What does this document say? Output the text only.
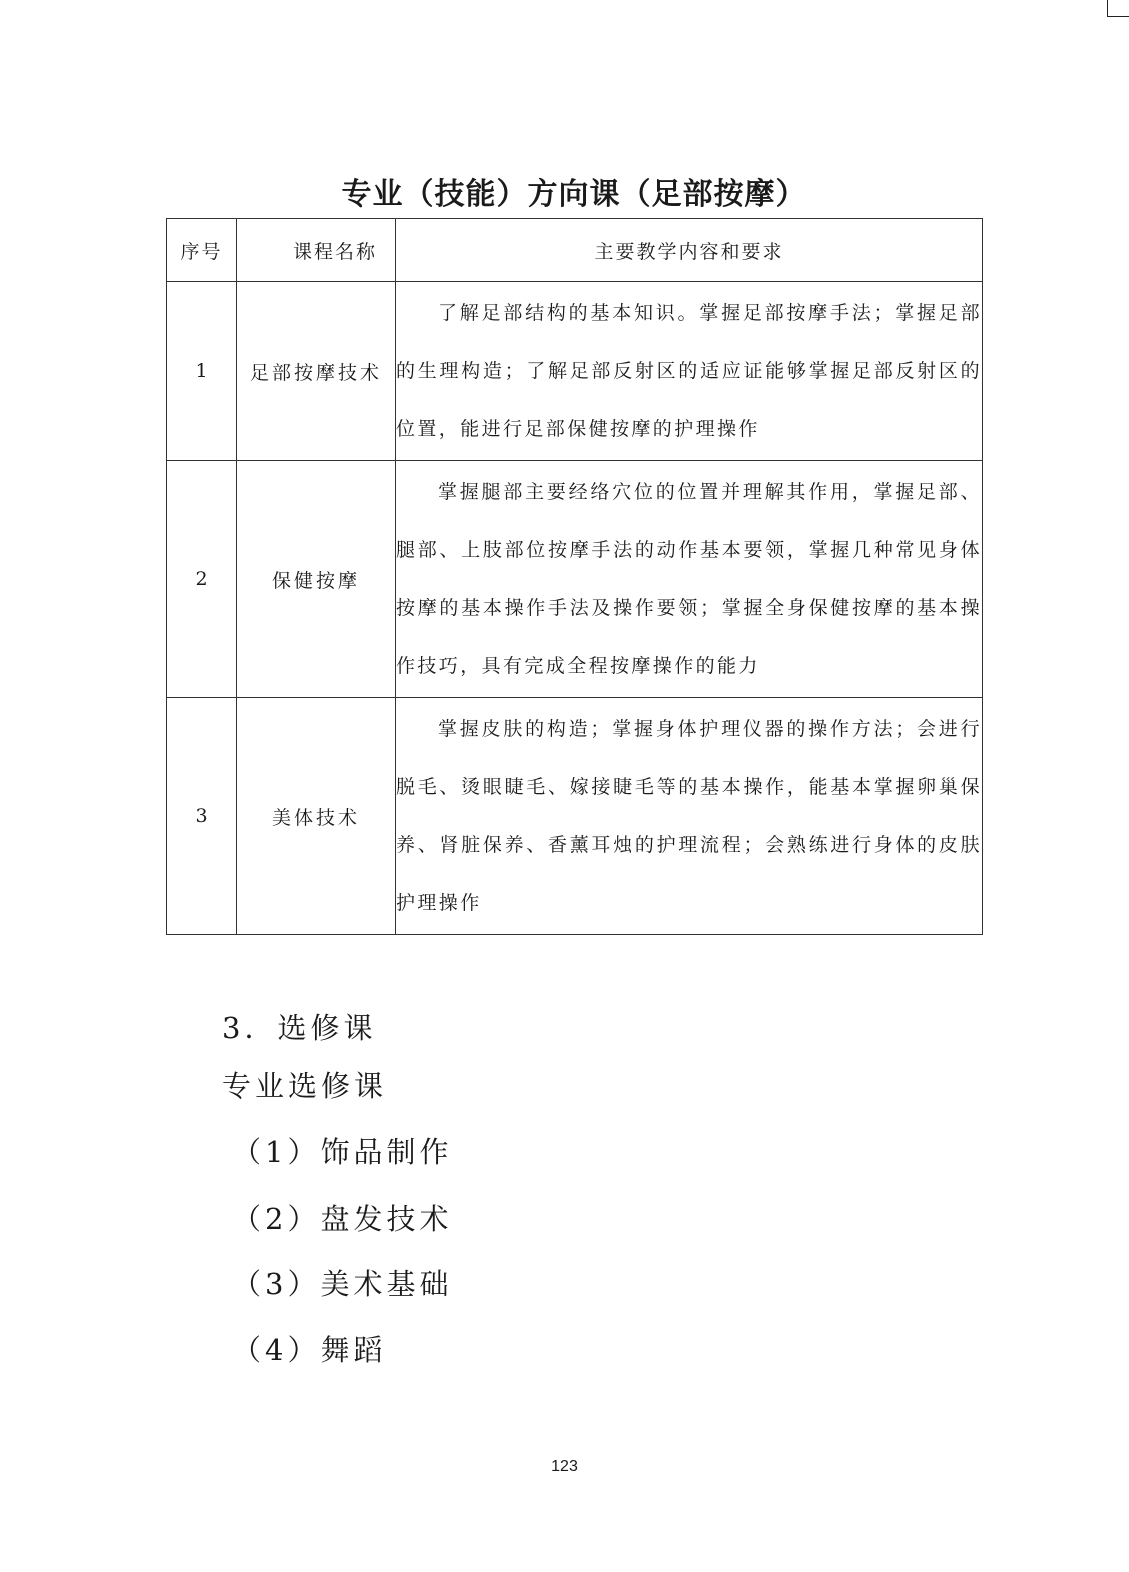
专业（技能）方向课（足部按摩）
序号	课程名称	主要教学内容和要求
1	足部按摩技术	了解足部结构的基本知识。掌握足部按摩手法；掌握足部的生理构造；了解足部反射区的适应证能够掌握足部反射区的位置，能进行足部保健按摩的护理操作

2	保健按摩	掌握腿部主要经络穴位的位置并理解其作用，掌握足部、腿部、上肢部位按摩手法的动作基本要领，掌握几种常见身体按摩的基本操作手法及操作要领；掌握全身保健按摩的基本操作技巧，具有完成全程按摩操作的能力

3	美体技术	掌握皮肤的构造；掌握身体护理仪器的操作方法；会进行脱毛、烫眼睫毛、嫁接睫毛等的基本操作，能基本掌握卵巢保养、肾脏保养、香薰耳烛的护理流程；会熟练进行身体的皮肤护理操作
3．选修课
专业选修课
（1）饰品制作
（2）盘发技术
（3）美术基础
（4）舞蹈
123
